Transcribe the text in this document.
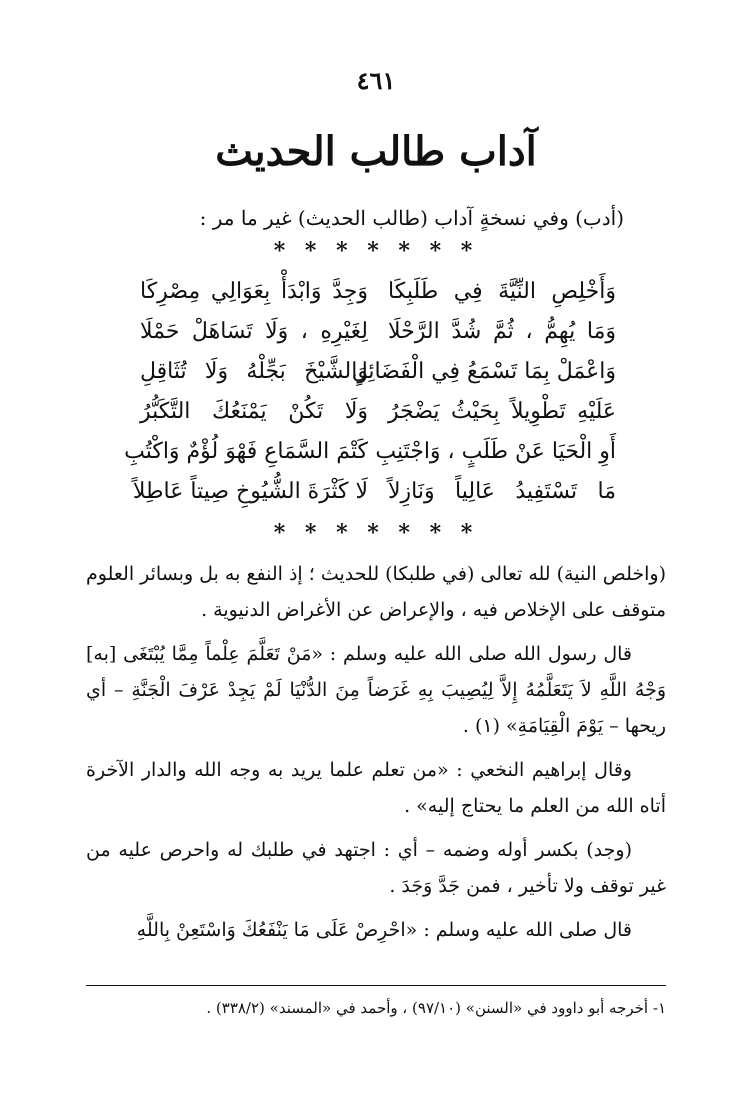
٤٦١
آداب طالب الحديث
(أدب) وفي نسخةٍ آداب (طالب الحديث) غير ما مر :
* * * * * * *
وَأَخْلِصِ النِّيَّةَ فِي طَلَبِكَا
وَجِدَّ وَابْدَأْ بِعَوَالِي مِصْرِكَا
وَمَا يُهِمُّ ، ثُمَّ شُدَّ الرَّحْلَا
لِغَيْرِهِ ، وَلَا تَسَاهَلْ حَمْلَا
وَاعْمَلْ بِمَا تَسْمَعُ فِي الْفَضَائِلِ
وَالشَّيْخَ بَجِّلْهُ وَلَا تُثَاقِلِ
عَلَيْهِ تَطْوِيلاً بِحَيْثُ يَضْجَرُ
وَلَا تَكُنْ يَمْنَعُكَ التَّكَبُّرُ
أَوِ الْحَيَا عَنْ طَلَبٍ ، وَاجْتَنِبِ
كَتْمَ السَّمَاعِ فَهْوَ لُؤْمٌ وَاكْتُبِ
مَا تَسْتَفِيدُ عَالِياً وَنَازِلاً
لَا كَثْرَةَ الشُّيُوخِ صِيتاً عَاطِلاً
* * * * * * *

(واخلص النية) لله تعالى (في طلبكا) للحديث ؛ إذ النفع به بل وبسائر العلوم متوقف على الإخلاص فيه ، والإعراض عن الأغراض الدنيوية .

قال رسول الله صلى الله عليه وسلم : «مَنْ تَعَلَّمَ عِلْماً مِمَّا يُبْتَغَى [به] وَجْهُ اللَّهِ لاَ يَتَعَلَّمُهُ إِلاَّ لِيُصِيبَ بِهِ غَرَضاً مِنَ الدُّنْيَا لَمْ يَجِدْ عَرْفَ الْجَنَّةِ – أي ريحها – يَوْمَ الْقِيَامَةِ» (١) .

وقال إبراهيم النخعي : «من تعلم علما يريد به وجه الله والدار الآخرة أتاه الله من العلم ما يحتاج إليه» .

(وجد) بكسر أوله وضمه – أي : اجتهد في طلبك له واحرص عليه من غير توقف ولا تأخير ، فمن جَدَّ وَجَدَ .

قال صلى الله عليه وسلم : «احْرِصْ عَلَى مَا يَنْفَعُكَ وَاسْتَعِنْ بِاللَّهِ

١- أخرجه أبو داوود في «السنن» (٩٧/١٠) ، وأحمد في «المسند» (٣٣٨/٢) .
